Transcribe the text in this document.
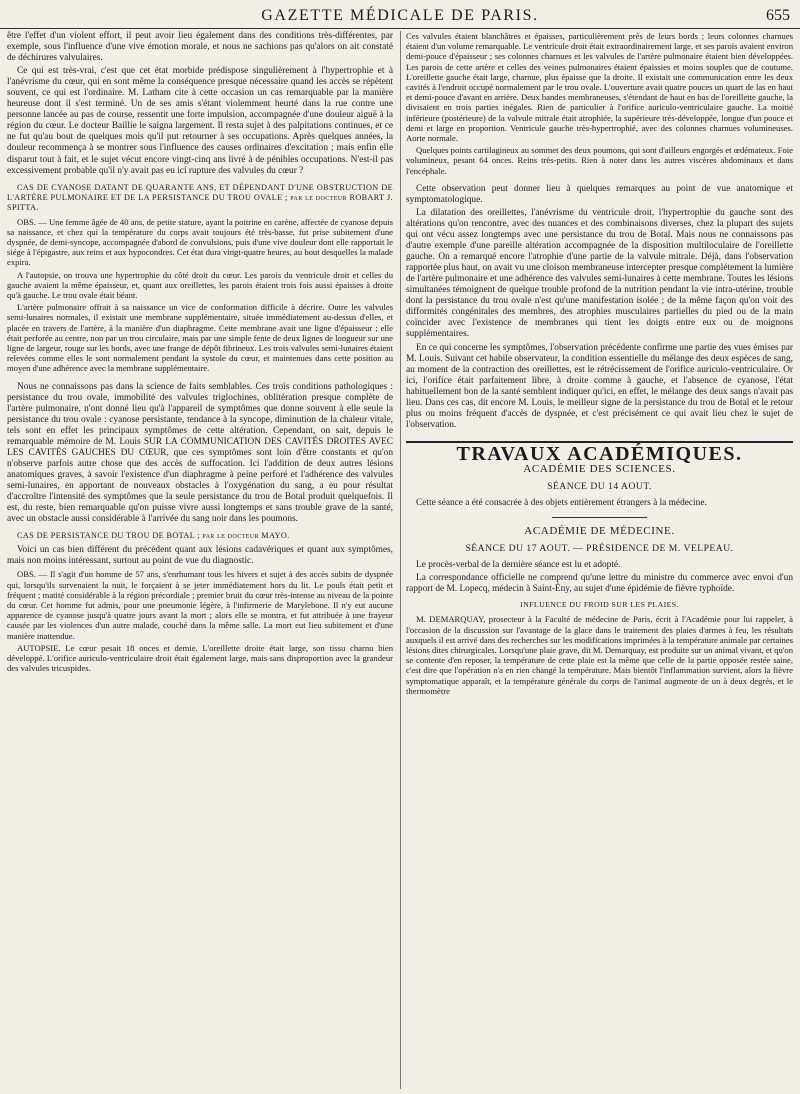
GAZETTE MÉDICALE DE PARIS.	655

être l'effet d'un violent effort, il peut avoir lieu également dans des conditions très-différentes, par exemple, sous l'influence d'une vive émotion morale, et nous ne sachions pas qu'alors on ait constaté de déchirures valvulaires.

Ce qui est très-vrai, c'est que cet état morbide prédispose singulièrement à l'hypertrophie et à l'anévrisme du cœur, qui en sont même la conséquence presque nécessaire quand les accès se répètent souvent, ce qui est l'ordinaire. M. Latham cite à cette occasion un cas remarquable par la manière heureuse dont il s'est terminé. Un de ses amis s'étant violemment heurté dans la rue contre une personne lancée au pas de course, ressentit une forte impulsion, accompagnée d'une douleur aiguë à la région du cœur. Le docteur Baillie le saigna largement. Il resta sujet à des palpitations continues, et ce ne fut qu'au bout de quelques mois qu'il put retourner à ses occupations. Après quelques années, la douleur recommença à se montrer sous l'influence des causes ordinaires d'excitation ; mais enfin elle disparut tout à fait, et le sujet vécut encore vingt-cinq ans livré à de pénibles occupations. N'est-il pas excessivement probable qu'il n'y avait pas eu ici rupture des valvules du cœur ?

CAS DE CYANOSE DATANT DE QUARANTE ANS, ET DÉPENDANT D'UNE OBSTRUCTION DE L'ARTÈRE PULMONAIRE ET DE LA PERSISTANCE DU TROU OVALE ; par le docteur ROBART J. SPITTA.

OBS. — Une femme âgée de 40 ans, de petite stature, ayant la poitrine en carène, affectée de cyanose depuis sa naissance, et chez qui la température du corps avait toujours été très-basse, fut prise subitement d'une dyspnée, de demi-syncope, accompagnée d'abord de convulsions, puis d'une vive douleur dont elle rapportait le siége à l'épigastre, aux reins et aux hypocondres. Cet état dura vingt-quatre heures, au bout desquelles la malade expira.

A l'autopsie, on trouva une hypertrophie du côté droit du cœur. Les parois du ventricule droit et celles du gauche avaient la même épaisseur, et, quant aux oreillettes, les parois étaient trois fois aussi épaisses à droite qu'à gauche. Le trou ovale était béant.

L'artère pulmonaire offrait à sa naissance un vice de conformation difficile à décrire. Outre les valvules semi-lunaires normales, il existait une membrane supplémentaire, située immédiatement au-dessus d'elles, et placée en travers de l'artère, à la manière d'un diaphragme. Cette membrane avait une ligne d'épaisseur ; elle était perforée au centre, non par un trou circulaire, mais par une simple fente de deux lignes de longueur sur une ligne de largeur, rouge sur les bords, avec une frange de dépôt fibrineux. Les trois valvules semi-lunaires étaient relevées comme elles le sont normalement pendant la systole du cœur, et maintenues dans cette position au moyen d'une adhérence avec la membrane supplémentaire.

Nous ne connaissons pas dans la science de faits semblables. Ces trois conditions pathologiques : persistance du trou ovale, immobilité des valvules triglochines, oblitération presque complète de l'artère pulmonaire, n'ont donné lieu qu'à l'appareil de symptômes que donne souvent à elle seule la persistance du trou ovale : cyanose persistante, tendance à la syncope, diminution de la chaleur vitale, tels sont en effet les principaux symptômes de cette altération. Cependant, on sait, depuis le remarquable mémoire de M. Louis SUR LA COMMUNICATION DES CAVITÉS DROITES AVEC LES CAVITÉS GAUCHES DU CŒUR, que ces symptômes sont loin d'être constants et qu'on n'observe parfois autre chose que des accès de suffocation. Ici l'addition de deux autres lésions anatomiques graves, à savoir l'existence d'un diaphragme à peine perforé et l'adhérence des valvules semi-lunaires, en apportant de nouveaux obstacles à l'oxygénation du sang, a eu pour résultat d'accroître l'intensité des symptômes que la seule persistance du trou de Botal produit quelquefois. Il est, du reste, bien remarquable qu'on puisse vivre aussi longtemps et sans trouble grave de la santé, avec un obstacle aussi considérable à l'arrivée du sang noir dans les poumons.

CAS DE PERSISTANCE DU TROU DE BOTAL ; par le docteur MAYO.

Voici un cas bien différent du précédent quant aux lésions cadavériques et quant aux symptômes, mais non moins intéressant, surtout au point de vue du diagnostic.

OBS. — Il s'agit d'un homme de 57 ans, s'enrhumant tous les hivers et sujet à des accès subits de dyspnée qui, lorsqu'ils survenaient la nuit, le forçaient à se jeter immédiatement hors du lit. Le pouls était petit et fréquent ; matité considérable à la région précordiale ; premier bruit du cœur très-intense au niveau de la pointe du cœur. Cet homme fut admis, pour une pneumonie légère, à l'infirmerie de Marylebone. Il n'y eut aucune apparence de cyanose jusqu'à quatre jours avant la mort ; alors elle se montra, et fut attribuée à une frayeur causée par les violences d'un autre malade, couché dans la même salle. La mort eut lieu subitement et d'une manière inattendue.

AUTOPSIE. Le cœur pesait 18 onces et demie. L'oreillette droite était large, son tissu charnu bien développé. L'orifice auriculo-ventriculaire droit était également large, mais sans disproportion avec la grandeur des valvules tricuspides.

Ces valvules étaient blanchâtres et épaisses, particulièrement près de leurs bords ; leurs colonnes charnues étaient d'un volume remarquable. Le ventricule droit était extraordinairement large, et ses parois avaient environ demi-pouce d'épaisseur ; ses colonnes charnues et les valvules de l'artère pulmonaire étaient bien développées. Les parois de cette artère et celles des veines pulmonaires étaient épaissies et moins souples que de coutume. L'oreillette gauche était large, charnue, plus épaisse que la droite. Il existait une communication entre les deux cavités à l'endroit occupé normalement par le trou ovale. L'ouverture avait quatre pouces un quart de las en haut et demi-pouce d'avant en arrière. Deux bandes membraneuses, s'étendant de haut en bas de l'oreillette gauche, la divisaient en trois parties inégales. Rien de particulier à l'orifice auriculo-ventriculaire gauche. La moitié inférieure (postérieure) de la valvule mitrale était atrophiée, la supérieure très-développée, longue d'un pouce et demi et large en proportion. Ventricule gauche très-hypertrophié, avec des colonnes charnues volumineuses. Aorte normale.

Quelques points cartilagineux au sommet des deux poumons, qui sont d'ailleurs engorgés et œdémateux. Foie volumineux, pesant 64 onces. Reins très-petits. Rien à noter dans les autres viscères abdominaux et dans l'encéphale.

Cette observation peut donner lieu à quelques remarques au point de vue anatomique et symptomatologique.

La dilatation des oreillettes, l'anévrisme du ventricule droit, l'hypertrophie du gauche sont des altérations qu'on rencontre, avec des nuances et des combinaisons diverses, chez la plupart des sujets qui ont vécu assez longtemps avec une persistance du trou de Botal. Mais nous ne connaissons pas d'autre exemple d'une pareille altération accompagnée de la disposition multiloculaire de l'oreillette gauche. On a remarqué encore l'atrophie d'une partie de la valvule mitrale. Déjà, dans l'observation rapportée plus haut, on avait vu une cloison membraneuse intercepter presque complétement la lumière de l'artère pulmonaire et une adhérence des valvules semi-lunaires à cette membrane. Toutes les lésions simultanées témoignent de quelque trouble profond de la nutrition pendant la vie intra-utérine, trouble dont la persistance du trou ovale n'est qu'une manifestation isolée ; de la même façon qu'on voit des difformités congénitales des membres, des atrophies musculaires partielles du pied ou de la main coïncider avec l'existence de membranes qui tient les doigts entre eux ou de moignons supplémentaires.

En ce qui concerne les symptômes, l'observation précédente confirme une partie des vues émises par M. Louis. Suivant cet habile observateur, la condition essentielle du mélange des deux espèces de sang, au moment de la contraction des oreillettes, est le rétrécissement de l'orifice auriculo-ventriculaire. Or ici, l'orifice était parfaitement libre, à droite comme à gauche, et l'absence de cyanose, l'état habituellement bon de la santé semblent indiquer qu'ici, en effet, le mélange des deux sangs n'avait pas lieu. Dans ces cas, dit encore M. Louis, le meilleur signe de la persistance du trou de Botal et le retour plus ou moins fréquent d'accès de dyspnée, et c'est précisément ce qui avait lieu chez le sujet de l'observation.

TRAVAUX ACADÉMIQUES.
ACADÉMIE DES SCIENCES.
SÉANCE DU 14 AOUT.

Cette séance a été consacrée à des objets entièrement étrangers à la médecine.

ACADÉMIE DE MÉDECINE.
SÉANCE DU 17 AOUT. — PRÉSIDENCE DE M. VELPEAU.

Le procès-verbal de la dernière séance est lu et adopté.

La correspondance officielle ne comprend qu'une lettre du ministre du commerce avec envoi d'un rapport de M. Lopecq, médecin à Saint-Ény, au sujet d'une épidémie de fièvre typhoïde.

INFLUENCE DU FROID SUR LES PLAIES.

M. DEMARQUAY, prosecteur à la Faculté de médecine de Paris, écrit à l'Académie pour lui rappeler, à l'occasion de la discussion sur l'avantage de la glace dans le traitement des plaies d'armes à feu, les résultats auxquels il est arrivé dans des recherches sur les modifications imprimées à la température animale par certaines lésions dites chirurgicales. Lorsqu'une plaie grave, dit M. Demarquay, est produite sur un animal vivant, et qu'on se contente d'en reposer, la température de cette plaie est la même que celle de la partie opposée restée saine, c'est dire que l'opération n'a en rien changé la température. Mais bientôt l'inflammation survient, alors la fièvre symptomatique apparaît, et la température générale du corps de l'animal augmente de un à deux degrés, et le thermomètre
